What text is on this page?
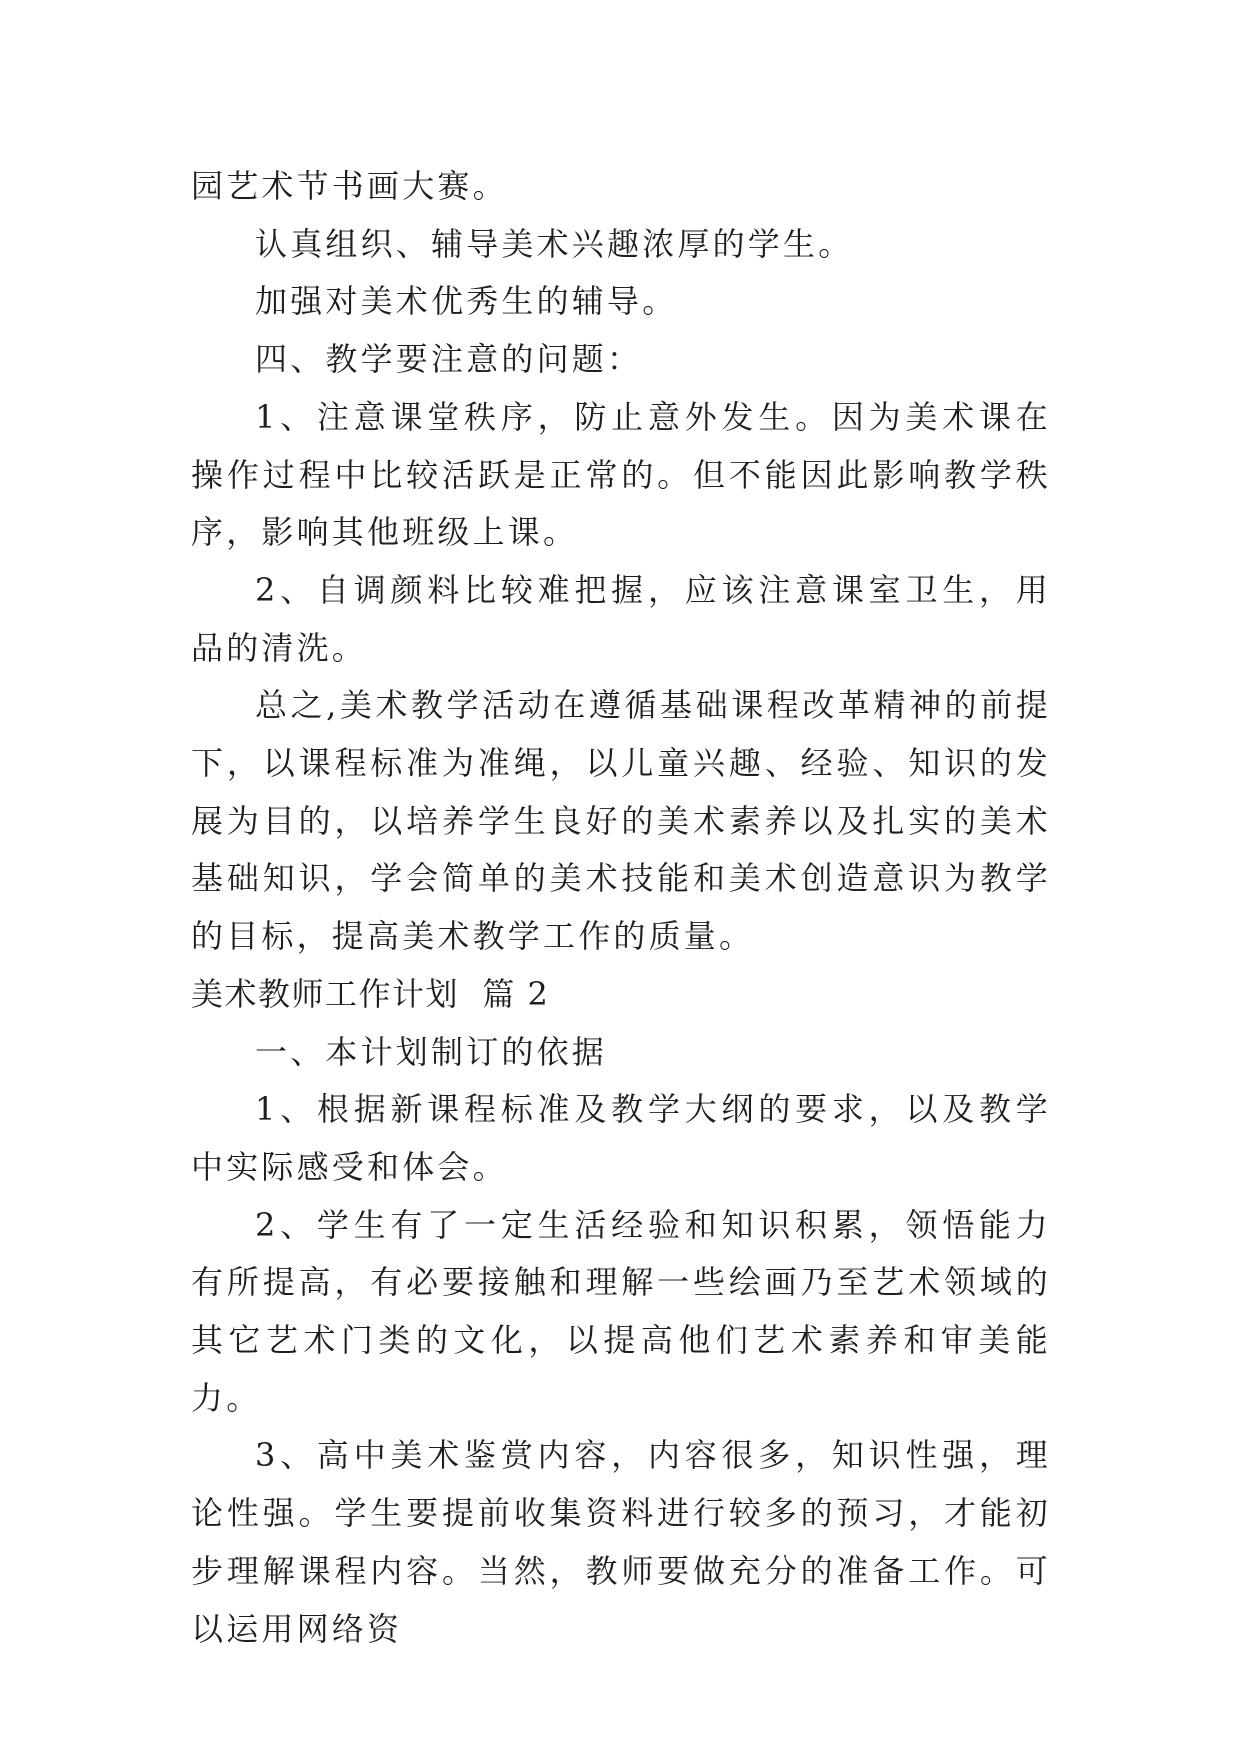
园艺术节书画大赛。

认真组织、辅导美术兴趣浓厚的学生。

加强对美术优秀生的辅导。

四、教学要注意的问题：

1、注意课堂秩序，防止意外发生。因为美术课在操作过程中比较活跃是正常的。但不能因此影响教学秩序，影响其他班级上课。

2、自调颜料比较难把握，应该注意课室卫生，用品的清洗。

总之,美术教学活动在遵循基础课程改革精神的前提下，以课程标准为准绳，以儿童兴趣、经验、知识的发展为目的，以培养学生良好的美术素养以及扎实的美术基础知识，学会简单的美术技能和美术创造意识为教学的目标，提高美术教学工作的质量。

美术教师工作计划  篇 2

一、本计划制订的依据

1、根据新课程标准及教学大纲的要求，以及教学中实际感受和体会。

2、学生有了一定生活经验和知识积累，领悟能力有所提高，有必要接触和理解一些绘画乃至艺术领域的其它艺术门类的文化，以提高他们艺术素养和审美能力。

3、高中美术鉴赏内容，内容很多，知识性强，理论性强。学生要提前收集资料进行较多的预习，才能初步理解课程内容。当然，教师要做充分的准备工作。可以运用网络资
